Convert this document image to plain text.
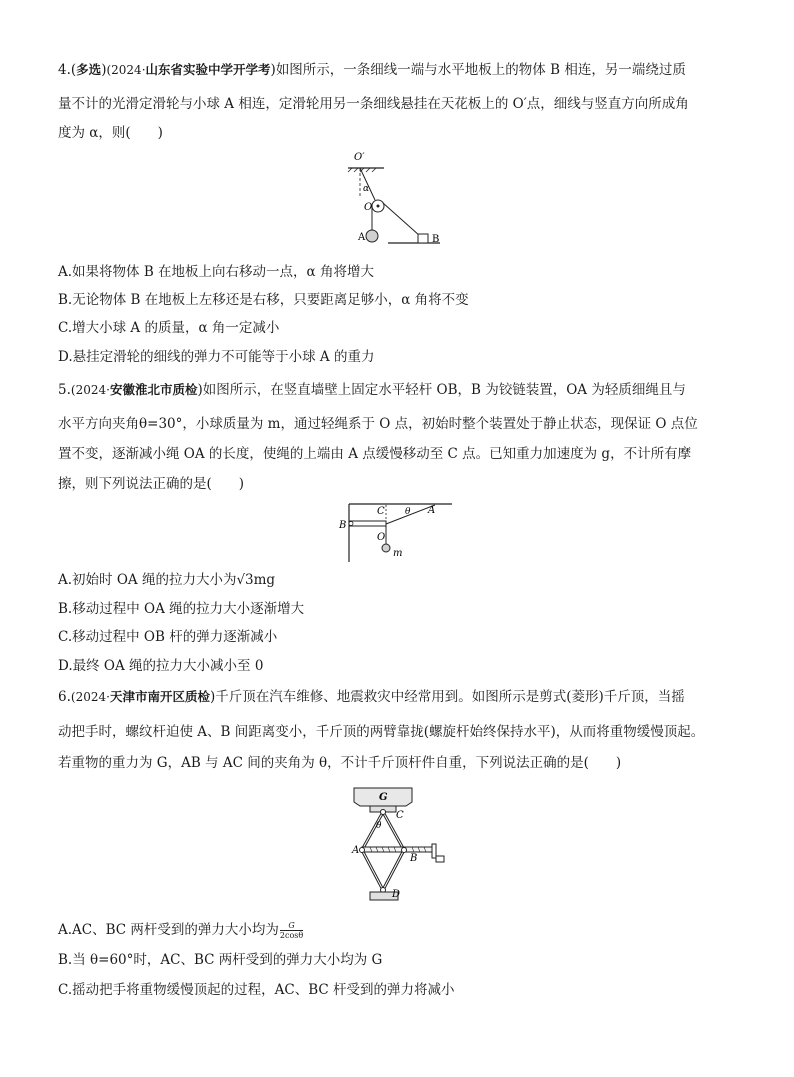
4.(多选)(2024·山东省实验中学开学考)如图所示，一条细线一端与水平地板上的物体 B 相连，另一端绕过质
量不计的光滑定滑轮与小球 A 相连，定滑轮用另一条细线悬挂在天花板上的 O′点，细线与竖直方向所成角
度为 α，则(　　)
O′
α
O
A	B
A.如果将物体 B 在地板上向右移动一点，α 角将增大
B.无论物体 B 在地板上左移还是右移，只要距离足够小，α 角将不变
C.增大小球 A 的质量，α 角一定减小
D.悬挂定滑轮的细线的弹力不可能等于小球 A 的重力
5.(2024·安徽淮北市质检)如图所示，在竖直墙壁上固定水平轻杆 OB，B 为铰链装置，OA 为轻质细绳且与
水平方向夹角θ=30°，小球质量为 m，通过轻绳系于 O 点，初始时整个装置处于静止状态，现保证 O 点位
置不变，逐渐减小绳 OA 的长度，使绳的上端由 A 点缓慢移动至 C 点。已知重力加速度为 g，不计所有摩
擦，则下列说法正确的是(　　)
B
C θ A
O
m
A.初始时 OA 绳的拉力大小为√3mg
B.移动过程中 OA 绳的拉力大小逐渐增大
C.移动过程中 OB 杆的弹力逐渐减小
D.最终 OA 绳的拉力大小减小至 0
6.(2024·天津市南开区质检)千斤顶在汽车维修、地震救灾中经常用到。如图所示是剪式(菱形)千斤顶，当摇
动把手时，螺纹杆迫使 A、B 间距离变小，千斤顶的两臂靠拢(螺旋杆始终保持水平)，从而将重物缓慢顶起。
若重物的重力为 G，AB 与 AC 间的夹角为 θ，不计千斤顶杆件自重，下列说法正确的是(　　)
G
C
θ
A
B
D
A.AC、BC 两杆受到的弹力大小均为 $\frac{G}{2\cos\theta}$
B.当 θ=60°时，AC、BC 两杆受到的弹力大小均为 G
C.摇动把手将重物缓慢顶起的过程，AC、BC 杆受到的弹力将减小
